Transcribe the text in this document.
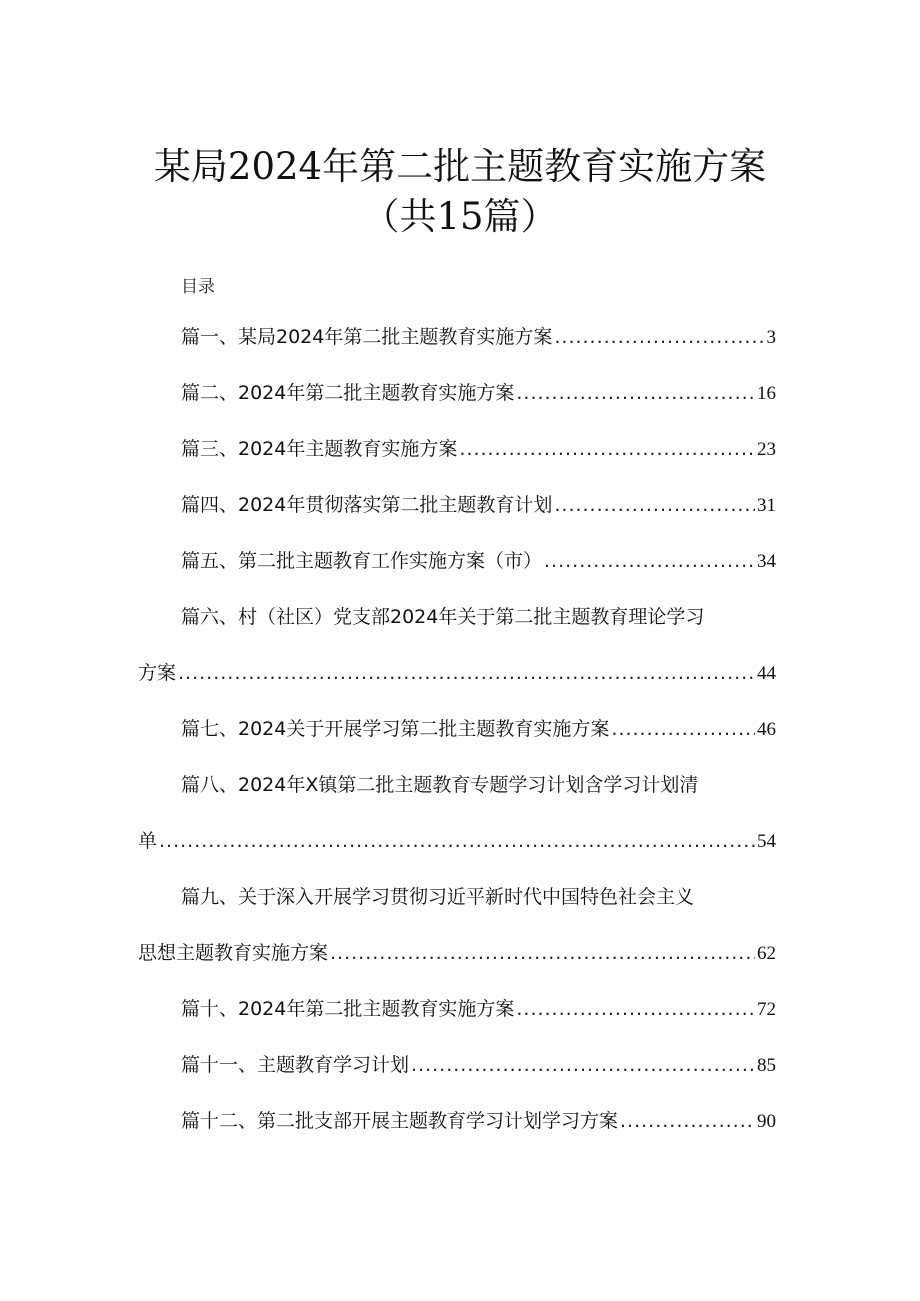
某局2024年第二批主题教育实施方案
（共15篇）
目录
篇一、某局2024年第二批主题教育实施方案 .....	3
篇二、2024年第二批主题教育实施方案 .....	16
篇三、2024年主题教育实施方案 .....	23
篇四、2024年贯彻落实第二批主题教育计划 .....	31
篇五、第二批主题教育工作实施方案（市） .....	34
篇六、村（社区）党支部2024年关于第二批主题教育理论学习
方案 .....	44
篇七、2024关于开展学习第二批主题教育实施方案 .....	46
篇八、2024年X镇第二批主题教育专题学习计划含学习计划清
单 .....	54
篇九、关于深入开展学习贯彻习近平新时代中国特色社会主义
思想主题教育实施方案 .....	62
篇十、2024年第二批主题教育实施方案 .....	72
篇十一、主题教育学习计划 .....	85
篇十二、第二批支部开展主题教育学习计划学习方案 .....	90
